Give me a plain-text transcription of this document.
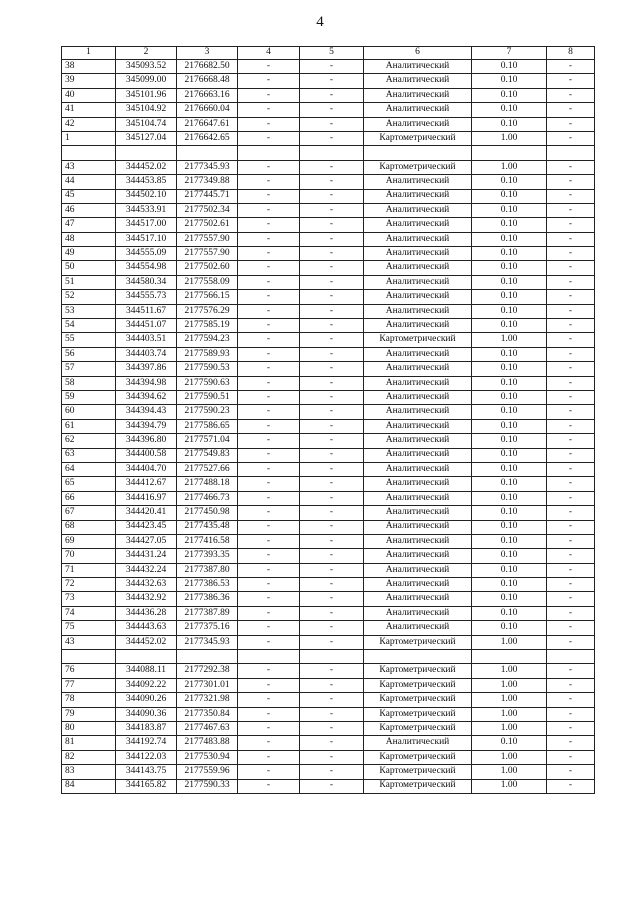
4
1	2	3	4	5	6	7	8
38	345093.52	2176682.50	-	-	Аналитический	0.10	-
39	345099.00	2176668.48	-	-	Аналитический	0.10	-
40	345101.96	2176663.16	-	-	Аналитический	0.10	-
41	345104.92	2176660.04	-	-	Аналитический	0.10	-
42	345104.74	2176647.61	-	-	Аналитический	0.10	-
1	345127.04	2176642.65	-	-	Картометрический	1.00	-

43	344452.02	2177345.93	-	-	Картометрический	1.00	-
44	344453.85	2177349.88	-	-	Аналитический	0.10	-
45	344502.10	2177445.71	-	-	Аналитический	0.10	-
46	344533.91	2177502.34	-	-	Аналитический	0.10	-
47	344517.00	2177502.61	-	-	Аналитический	0.10	-
48	344517.10	2177557.90	-	-	Аналитический	0.10	-
49	344555.09	2177557.90	-	-	Аналитический	0.10	-
50	344554.98	2177502.60	-	-	Аналитический	0.10	-
51	344580.34	2177558.09	-	-	Аналитический	0.10	-
52	344555.73	2177566.15	-	-	Аналитический	0.10	-
53	344511.67	2177576.29	-	-	Аналитический	0.10	-
54	344451.07	2177585.19	-	-	Аналитический	0.10	-
55	344403.51	2177594.23	-	-	Картометрический	1.00	-
56	344403.74	2177589.93	-	-	Аналитический	0.10	-
57	344397.86	2177590.53	-	-	Аналитический	0.10	-
58	344394.98	2177590.63	-	-	Аналитический	0.10	-
59	344394.62	2177590.51	-	-	Аналитический	0.10	-
60	344394.43	2177590.23	-	-	Аналитический	0.10	-
61	344394.79	2177586.65	-	-	Аналитический	0.10	-
62	344396.80	2177571.04	-	-	Аналитический	0.10	-
63	344400.58	2177549.83	-	-	Аналитический	0.10	-
64	344404.70	2177527.66	-	-	Аналитический	0.10	-
65	344412.67	2177488.18	-	-	Аналитический	0.10	-
66	344416.97	2177466.73	-	-	Аналитический	0.10	-
67	344420.41	2177450.98	-	-	Аналитический	0.10	-
68	344423.45	2177435.48	-	-	Аналитический	0.10	-
69	344427.05	2177416.58	-	-	Аналитический	0.10	-
70	344431.24	2177393.35	-	-	Аналитический	0.10	-
71	344432.24	2177387.80	-	-	Аналитический	0.10	-
72	344432.63	2177386.53	-	-	Аналитический	0.10	-
73	344432.92	2177386.36	-	-	Аналитический	0.10	-
74	344436.28	2177387.89	-	-	Аналитический	0.10	-
75	344443.63	2177375.16	-	-	Аналитический	0.10	-
43	344452.02	2177345.93	-	-	Картометрический	1.00	-

76	344088.11	2177292.38	-	-	Картометрический	1.00	-
77	344092.22	2177301.01	-	-	Картометрический	1.00	-
78	344090.26	2177321.98	-	-	Картометрический	1.00	-
79	344090.36	2177350.84	-	-	Картометрический	1.00	-
80	344183.87	2177467.63	-	-	Картометрический	1.00	-
81	344192.74	2177483.88	-	-	Аналитический	0.10	-
82	344122.03	2177530.94	-	-	Картометрический	1.00	-
83	344143.75	2177559.96	-	-	Картометрический	1.00	-
84	344165.82	2177590.33	-	-	Картометрический	1.00	-
